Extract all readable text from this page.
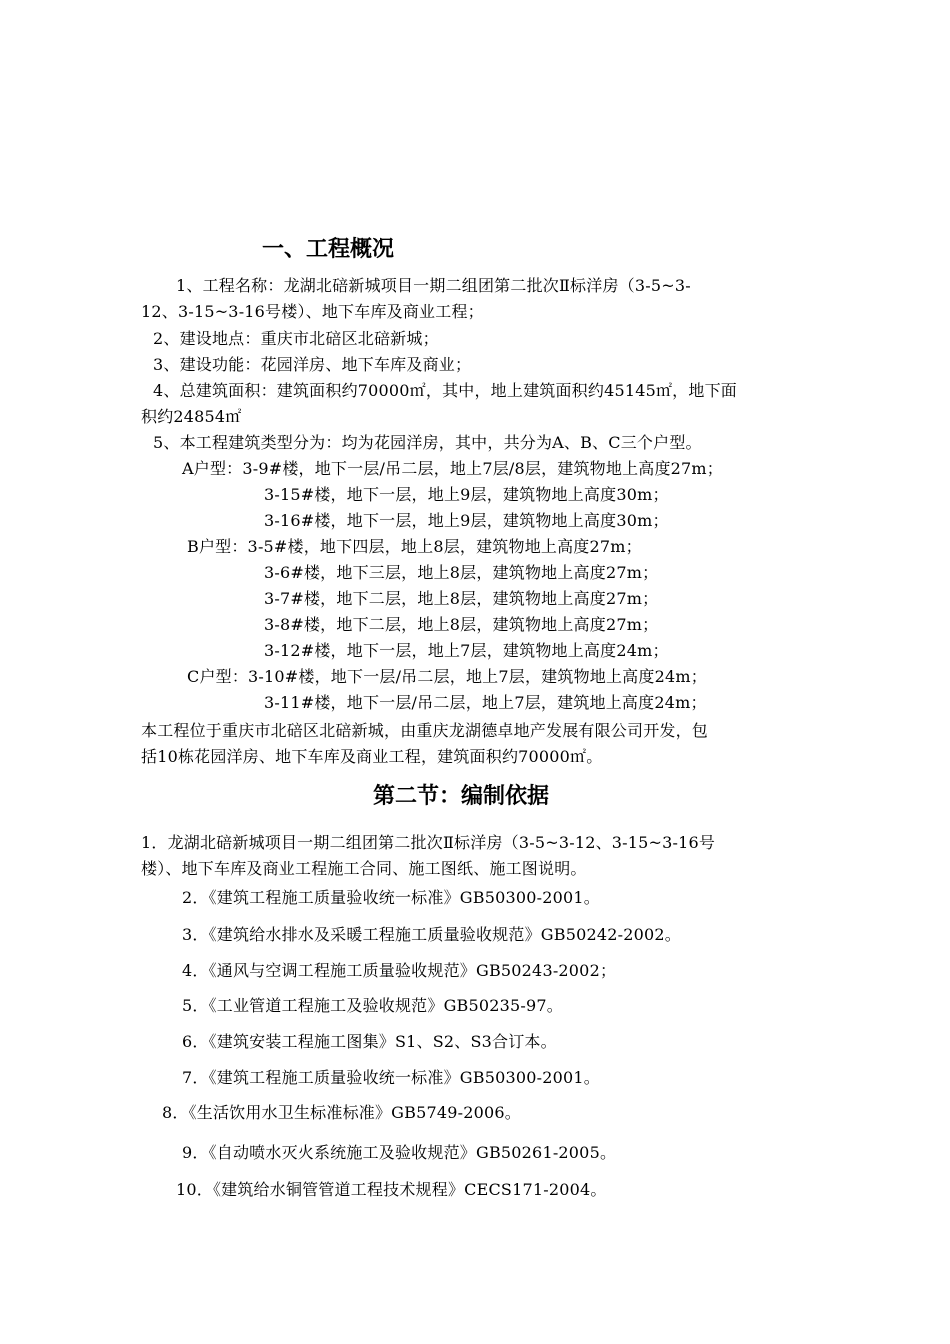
一、工程概况
1、工程名称：龙湖北碚新城项目一期二组团第二批次Ⅱ标洋房（3-5~3-
12、3-15~3-16号楼）、地下车库及商业工程；
2、建设地点：重庆市北碚区北碚新城；
3、建设功能：花园洋房、地下车库及商业；
4、总建筑面积：建筑面积约70000㎡，其中，地上建筑面积约45145㎡，地下面
积约24854㎡
5、本工程建筑类型分为：均为花园洋房，其中，共分为A、B、C三个户型。
A户型：3-9#楼，地下一层/吊二层，地上7层/8层，建筑物地上高度27m；
3-15#楼，地下一层，地上9层，建筑物地上高度30m；
3-16#楼，地下一层，地上9层，建筑物地上高度30m；
B户型：3-5#楼，地下四层，地上8层，建筑物地上高度27m；
3-6#楼，地下三层，地上8层，建筑物地上高度27m；
3-7#楼，地下二层，地上8层，建筑物地上高度27m；
3-8#楼，地下二层，地上8层，建筑物地上高度27m；
3-12#楼，地下一层，地上7层，建筑物地上高度24m；
C户型：3-10#楼，地下一层/吊二层，地上7层，建筑物地上高度24m；
3-11#楼，地下一层/吊二层，地上7层，建筑地上高度24m；
本工程位于重庆市北碚区北碚新城，由重庆龙湖德卓地产发展有限公司开发，包
括10栋花园洋房、地下车库及商业工程，建筑面积约70000㎡。
第二节：编制依据
1．龙湖北碚新城项目一期二组团第二批次Ⅱ标洋房（3-5~3-12、3-15~3-16号
楼）、地下车库及商业工程施工合同、施工图纸、施工图说明。
2．《建筑工程施工质量验收统一标准》GB50300-2001。
3．《建筑给水排水及采暖工程施工质量验收规范》GB50242-2002。
4．《通风与空调工程施工质量验收规范》GB50243-2002；
5．《工业管道工程施工及验收规范》GB50235-97。
6．《建筑安装工程施工图集》S1、S2、S3合订本。
7．《建筑工程施工质量验收统一标准》GB50300-2001。
8．《生活饮用水卫生标准标准》GB5749-2006。
9．《自动喷水灭火系统施工及验收规范》GB50261-2005。
10．《建筑给水铜管管道工程技术规程》CECS171-2004。
